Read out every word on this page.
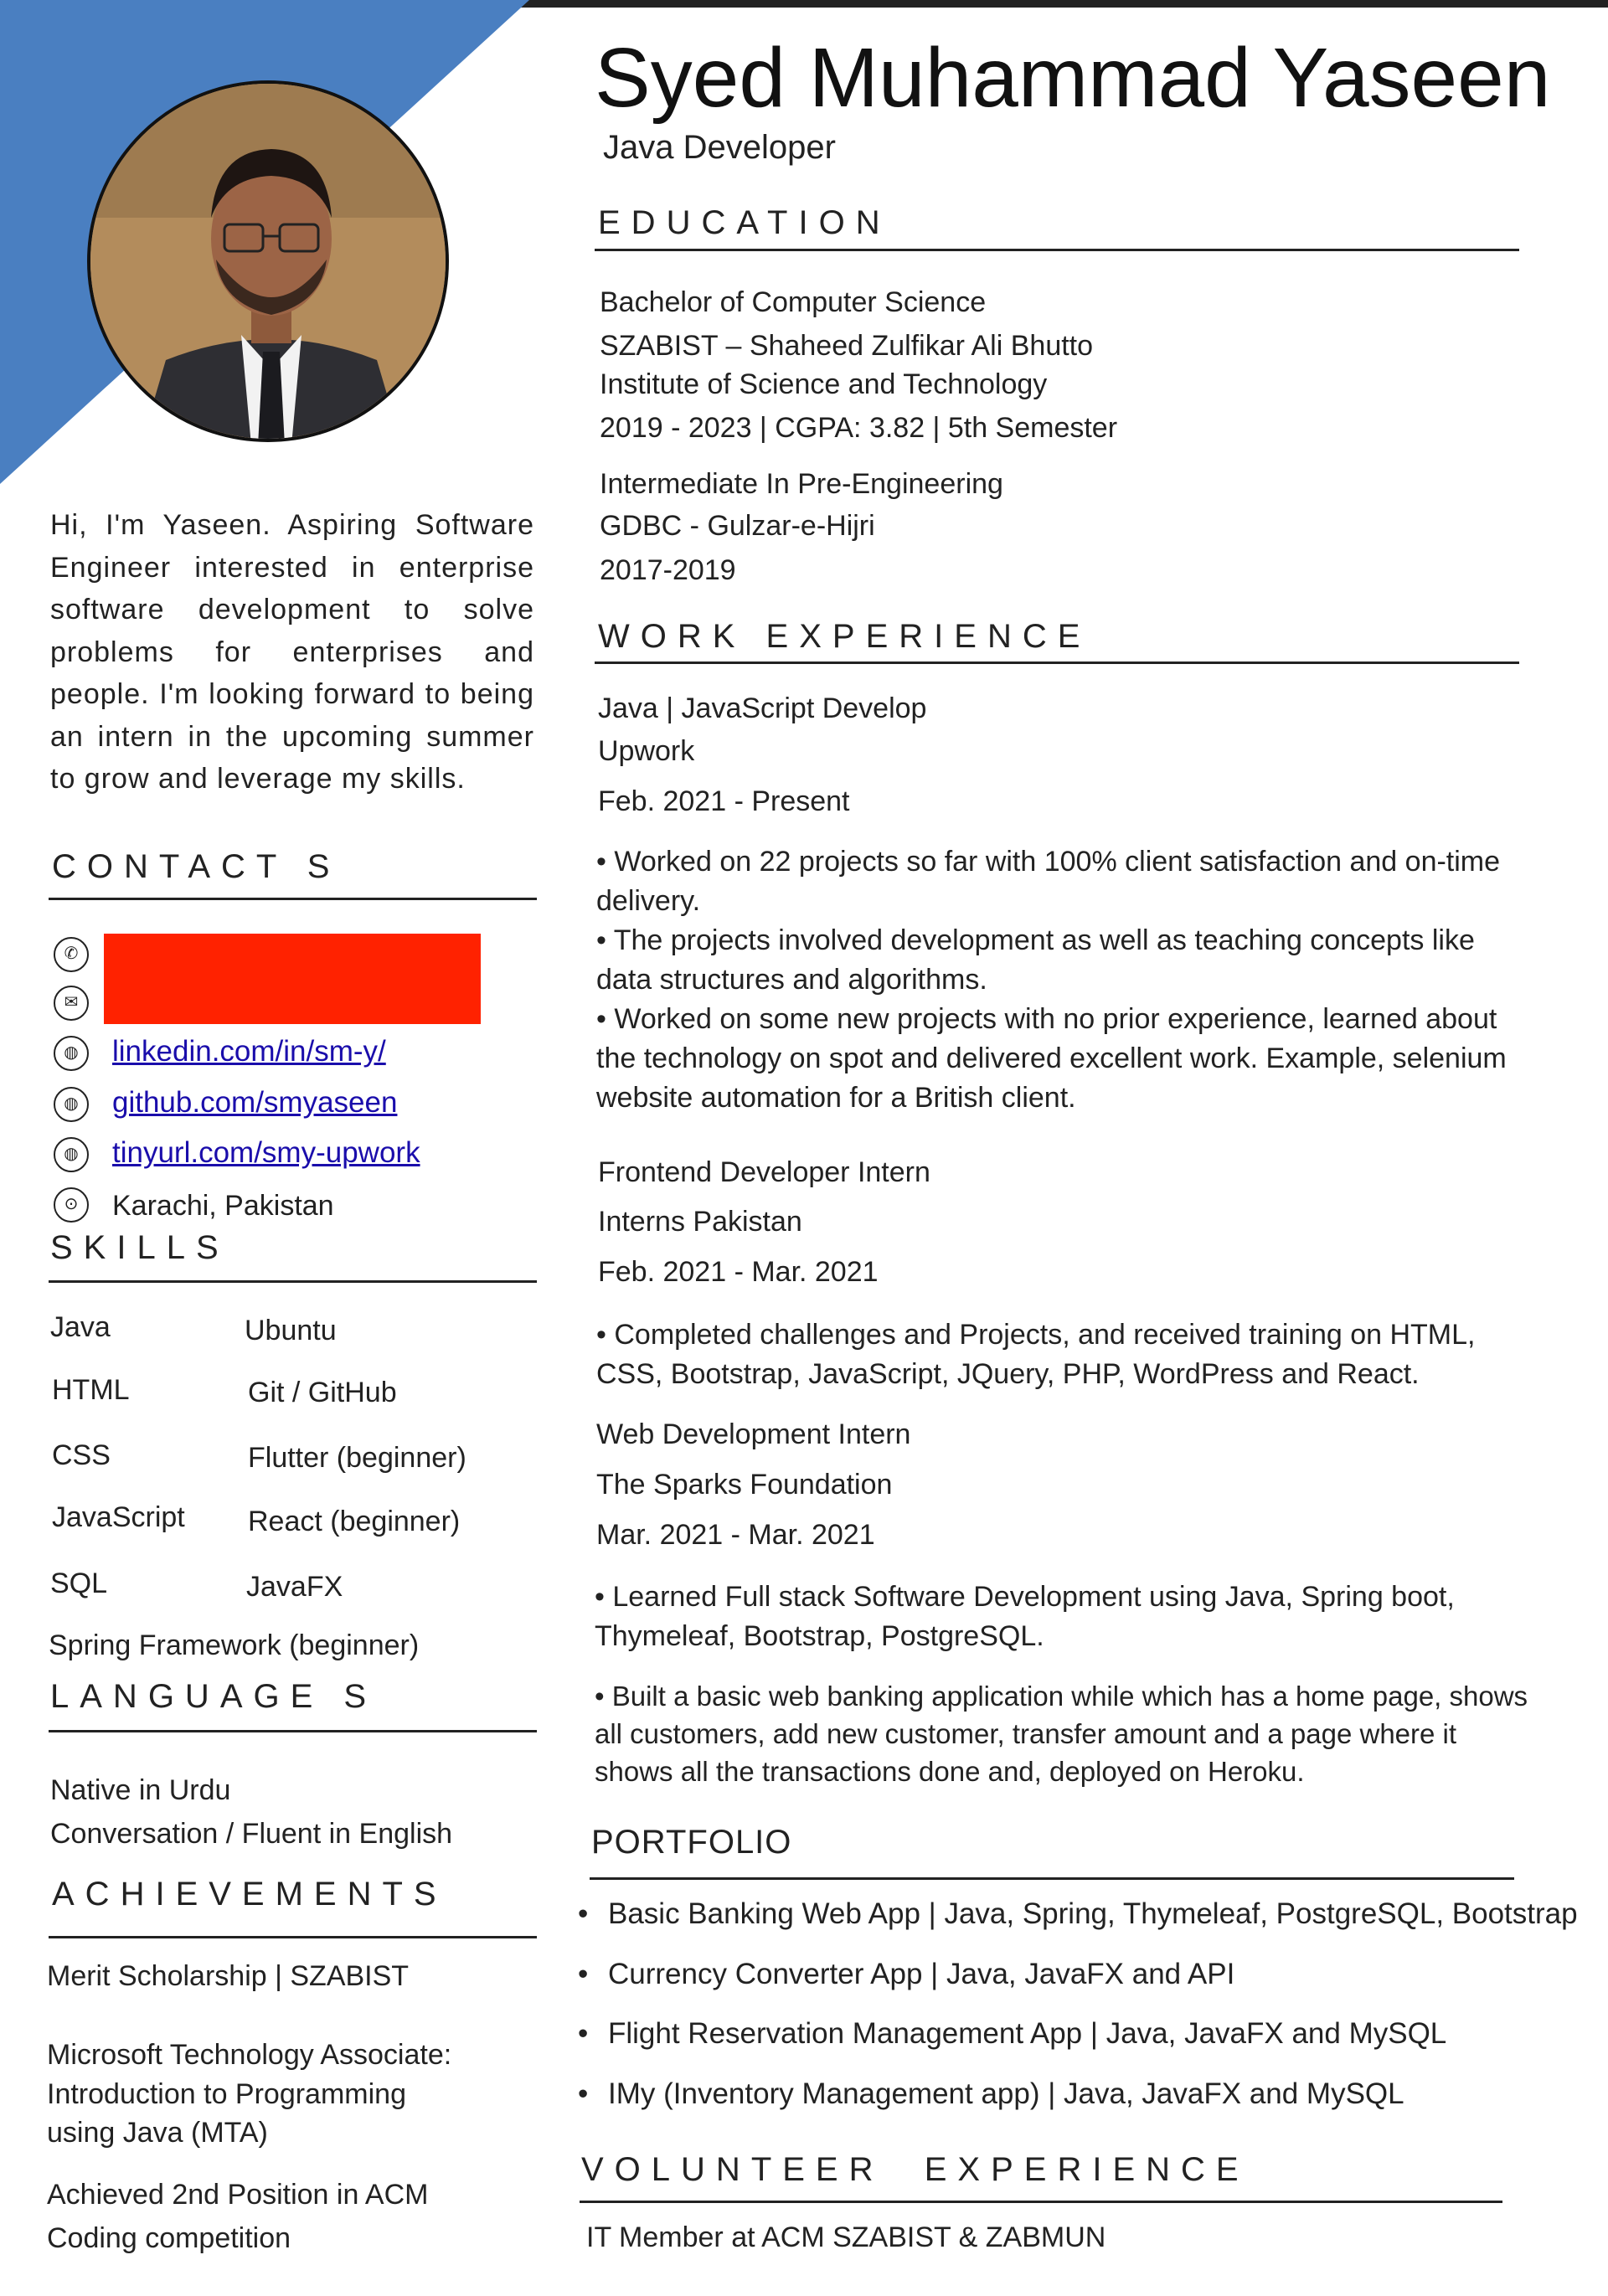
Syed Muhammad Yaseen
Java Developer
Hi, I'm Yaseen. Aspiring Software Engineer interested in enterprise software development to solve problems for enterprises and people. I'm looking forward to being an intern in the upcoming summer to grow and leverage my skills.
CONTACT S
✆
✉
◍	linkedin.com/in/sm-y/
◍	github.com/smyaseen
◍	tinyurl.com/smy-upwork
⊙	Karachi, Pakistan
SKILLS
Java	Ubuntu
HTML	Git / GitHub
CSS	Flutter (beginner)
JavaScript React (beginner)
SQL	JavaFX
Spring Framework (beginner)
LANGUAGE S
Native in Urdu
Conversation / Fluent in English
ACHIEVEMENTS
Merit Scholarship | SZABIST
Microsoft Technology Associate:
Introduction to Programming
using Java (MTA)
Achieved 2nd Position in ACM
Coding competition
EDUCATION
Bachelor of Computer Science
SZABIST – Shaheed Zulfikar Ali Bhutto
Institute of Science and Technology
2019 - 2023 | CGPA: 3.82 | 5th Semester
Intermediate In Pre-Engineering
GDBC - Gulzar-e-Hijri
2017-2019
WORK EXPERIENCE
Java | JavaScript Develop
Upwork
Feb. 2021 - Present
• Worked on 22 projects so far with 100% client satisfaction and on-time delivery.
• The projects involved development as well as teaching concepts like data structures and algorithms.
• Worked on some new projects with no prior experience, learned about the technology on spot and delivered excellent work. Example, selenium website automation for a British client.
Frontend Developer Intern
Interns Pakistan
Feb. 2021 - Mar. 2021
• Completed challenges and Projects, and received training on HTML, CSS, Bootstrap, JavaScript, JQuery, PHP, WordPress and React.
Web Development Intern
The Sparks Foundation
Mar. 2021 - Mar. 2021
• Learned Full stack Software Development using Java, Spring boot, Thymeleaf, Bootstrap, PostgreSQL.
• Built a basic web banking application while which has a home page, shows all customers, add new customer, transfer amount and a page where it shows all the transactions done and, deployed on Heroku.
PORTFOLIO
• Basic Banking Web App | Java, Spring, Thymeleaf, PostgreSQL, Bootstrap
• Currency Converter App | Java, JavaFX and API
• Flight Reservation Management App | Java, JavaFX and MySQL
• IMy (Inventory Management app) | Java, JavaFX and MySQL
VOLUNTEER  EXPERIENCE
IT Member at ACM SZABIST & ZABMUN
